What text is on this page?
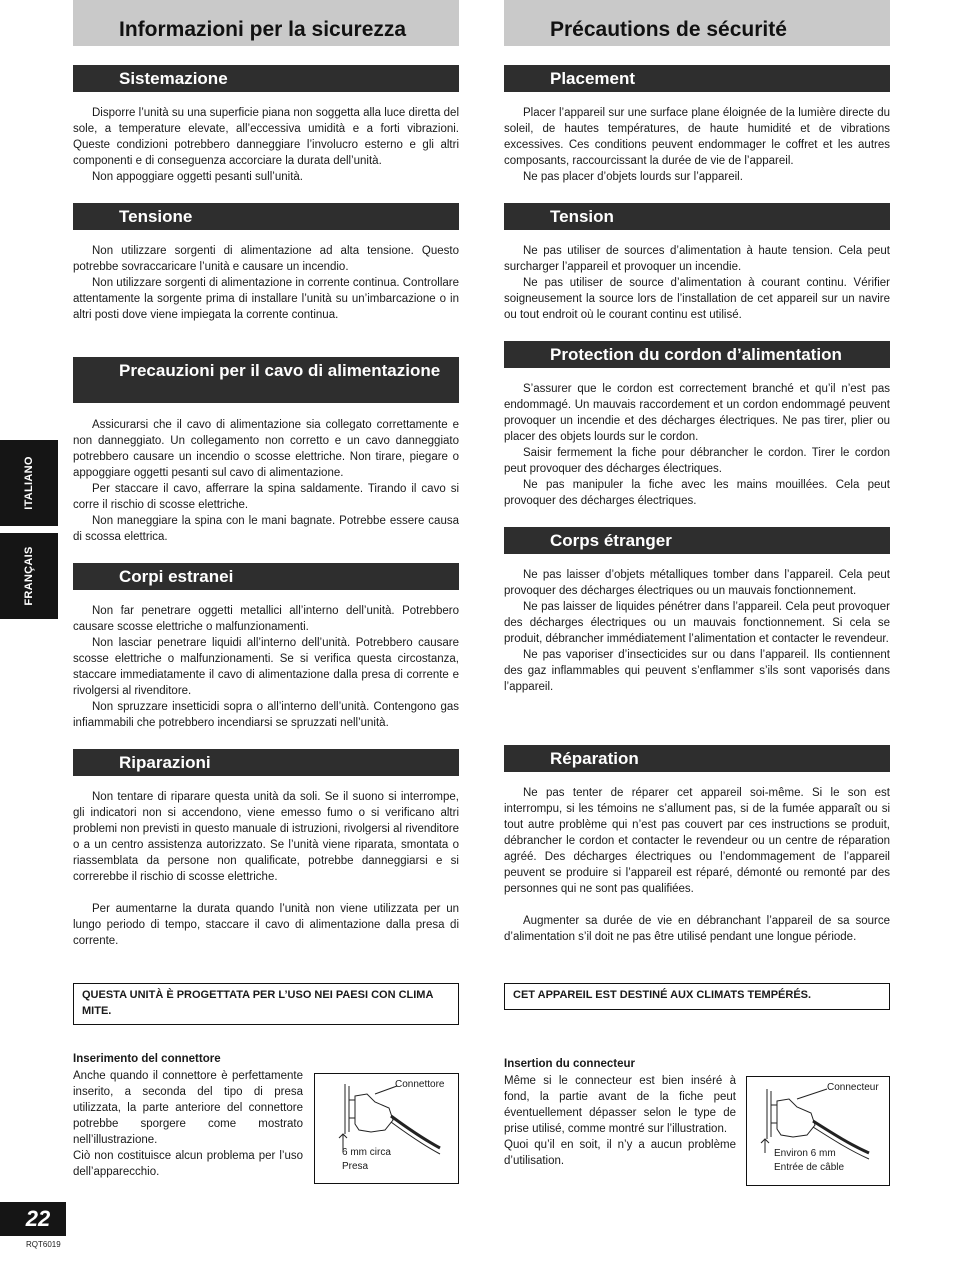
Informazioni per la sicurezza
Sistemazione

Disporre l’unità su una superficie piana non soggetta alla luce diretta del sole, a temperature elevate, all’eccessiva umidità e a forti vibrazioni. Queste condizioni potrebbero danneggiare l’involucro esterno e gli altri componenti e di conseguenza accorciare la durata dell’unità.

Non appoggiare oggetti pesanti sull’unità.

Tensione

Non utilizzare sorgenti di alimentazione ad alta tensione. Questo potrebbe sovraccaricare l’unità e causare un incendio.

Non utilizzare sorgenti di alimentazione in corrente continua. Controllare attentamente la sorgente prima di installare l’unità su un’imbarcazione o in altri posti dove viene impiegata la corrente continua.

Precauzioni per il cavo di alimentazione

Assicurarsi che il cavo di alimentazione sia collegato correttamente e non danneggiato. Un collegamento non corretto e un cavo danneggiato potrebbero causare un incendio o scosse elettriche. Non tirare, piegare o appoggiare oggetti pesanti sul cavo di alimentazione.

Per staccare il cavo, afferrare la spina saldamente. Tirando il cavo si corre il rischio di scosse elettriche.

Non maneggiare la spina con le mani bagnate. Potrebbe essere causa di scossa elettrica.

Corpi estranei

Non far penetrare oggetti metallici all’interno dell’unità. Potrebbero causare scosse elettriche o malfunzionamenti.

Non lasciar penetrare liquidi all’interno dell’unità. Potrebbero causare scosse elettriche o malfunzionamenti. Se si verifica questa circostanza, staccare immediatamente il cavo di alimentazione dalla presa di corrente e rivolgersi al rivenditore.

Non spruzzare insetticidi sopra o all’interno dell’unità. Contengono gas infiammabili che potrebbero incendiarsi se spruzzati nell’unità.

Riparazioni

Non tentare di riparare questa unità da soli. Se il suono si interrompe, gli indicatori non si accendono, viene emesso fumo o si verificano altri problemi non previsti in questo manuale di istruzioni, rivolgersi al rivenditore o a un centro assistenza autorizzato. Se l’unità viene riparata, smontata o riassemblata da persone non qualificate, potrebbe danneggiarsi e si correrebbe il rischio di scosse elettriche.

Per aumentarne la durata quando l’unità non viene utilizzata per un lungo periodo di tempo, staccare il cavo di alimentazione dalla presa di corrente.

QUESTA UNITÀ È PROGETTATA PER L’USO NEI PAESI CON CLIMA MITE.
Inserimento del connettore

Anche quando il connettore è perfettamente inserito, a seconda del tipo di presa utilizzata, la parte anteriore del connettore potrebbe sporgere come mostrato nell’illustrazione.

Ciò non costituisce alcun problema per l’uso dell’apparecchio.

Connettore
6 mm circa
Presa
Précautions de sécurité
Placement

Placer l’appareil sur une surface plane éloignée de la lumière directe du soleil, de hautes températures, de haute humidité et de vibrations excessives. Ces conditions peuvent endommager le coffret et les autres composants, raccourcissant la durée de vie de l’appareil.

Ne pas placer d’objets lourds sur l’appareil.

Tension

Ne pas utiliser de sources d’alimentation à haute tension. Cela peut surcharger l’appareil et provoquer un incendie.

Ne pas utiliser de source d’alimentation à courant continu. Vérifier soigneusement la source lors de l’installation de cet appareil sur un navire ou tout endroit où le courant continu est utilisé.

Protection du cordon d’alimentation

S’assurer que le cordon est correctement branché et qu’il n’est pas endommagé. Un mauvais raccordement et un cordon endommagé peuvent provoquer un incendie et des décharges électriques. Ne pas tirer, plier ou placer des objets lourds sur le cordon.

Saisir fermement la fiche pour débrancher le cordon. Tirer le cordon peut provoquer des décharges électriques.

Ne pas manipuler la fiche avec les mains mouillées. Cela peut provoquer des décharges électriques.

Corps étranger

Ne pas laisser d’objets métalliques tomber dans l’appareil. Cela peut provoquer des décharges électriques ou un mauvais fonctionnement.

Ne pas laisser de liquides pénétrer dans l’appareil. Cela peut provoquer des décharges électriques ou un mauvais fonctionnement. Si cela se produit, débrancher immédiatement l’alimentation et contacter le revendeur.

Ne pas vaporiser d’insecticides sur ou dans l’appareil. Ils contiennent des gaz inflammables qui peuvent s’enflammer s’ils sont vaporisés dans l’appareil.

Réparation

Ne pas tenter de réparer cet appareil soi-même. Si le son est interrompu, si les témoins ne s’allument pas, si de la fumée apparaît ou si tout autre problème qui n’est pas couvert par ces instructions se produit, débrancher le cordon et contacter le revendeur ou un centre de réparation agréé. Des décharges électriques ou l’endommagement de l’appareil peuvent se produire si l’appareil est réparé, démonté ou remonté par des personnes qui ne sont pas qualifiées.

Augmenter sa durée de vie en débranchant l’appareil de sa source d’alimentation s’il doit ne pas être utilisé pendant une longue période.

CET APPAREIL EST DESTINÉ AUX CLIMATS TEMPÉRÉS.
Insertion du connecteur

Même si le connecteur est bien inséré à fond, la partie avant de la fiche peut éventuellement dépasser selon le type de prise utilisé, comme montré sur l’illustration.

Quoi qu’il en soit, il n’y a aucun problème d’utilisation.

Connecteur
Environ 6 mm
Entrée de câble
ITALIANO
FRANÇAIS
22
RQT6019
